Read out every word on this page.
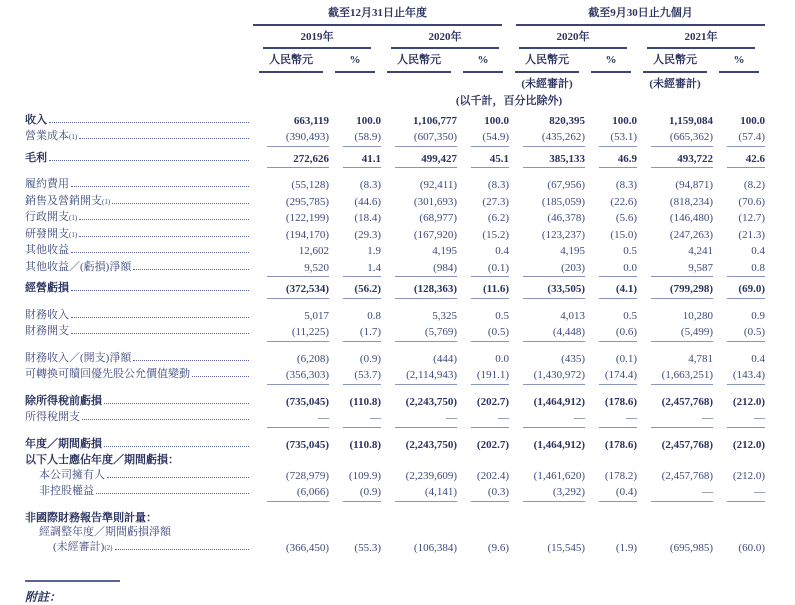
	截至12月31日止年度				截至9月30日止九個月			

	2019年		2020年		2020年		2021年	

	人民幣元	%	人民幣元	%	人民幣元	%	人民幣元	%

					(未經審計)		(未經審計)	

	(以千計，百分比除外)							

收入	663,119	100.0	1,106,777	100.0	820,395	100.0	1,159,084	100.0

營業成本 (1)	(390,493)	(58.9)	(607,350)	(54.9)	(435,262)	(53.1)	(665,362)	(57.4)

毛利	272,626	41.1	499,427	45.1	385,133	46.9	493,722	42.6

履約費用	(55,128)	(8.3)	(92,411)	(8.3)	(67,956)	(8.3)	(94,871)	(8.2)

銷售及營銷開支 (1)	(295,785)	(44.6)	(301,693)	(27.3)	(185,059)	(22.6)	(818,234)	(70.6)

行政開支 (1)	(122,199)	(18.4)	(68,977)	(6.2)	(46,378)	(5.6)	(146,480)	(12.7)

研發開支 (1)	(194,170)	(29.3)	(167,920)	(15.2)	(123,237)	(15.0)	(247,263)	(21.3)

其他收益	12,602	1.9	4,195	0.4	4,195	0.5	4,241	0.4

其他收益／(虧損)淨額	9,520	1.4	(984)	(0.1)	(203)	0.0	9,587	0.8

經營虧損	(372,534)	(56.2)	(128,363)	(11.6)	(33,505)	(4.1)	(799,298)	(69.0)

財務收入	5,017	0.8	5,325	0.5	4,013	0.5	10,280	0.9

財務開支	(11,225)	(1.7)	(5,769)	(0.5)	(4,448)	(0.6)	(5,499)	(0.5)

財務收入／(開支)淨額	(6,208)	(0.9)	(444)	0.0	(435)	(0.1)	4,781	0.4

可轉換可贖回優先股公允價值變動	(356,303)	(53.7)	(2,114,943)	(191.1)	(1,430,972)	(174.4)	(1,663,251)	(143.4)

除所得稅前虧損	(735,045)	(110.8)	(2,243,750)	(202.7)	(1,464,912)	(178.6)	(2,457,768)	(212.0)

所得稅開支	—	—	—	—	—	—	—	—

年度／期間虧損	(735,045)	(110.8)	(2,243,750)	(202.7)	(1,464,912)	(178.6)	(2,457,768)	(212.0)

以下人士應佔年度／期間虧損：								

本公司擁有人	(728,979)	(109.9)	(2,239,609)	(202.4)	(1,461,620)	(178.2)	(2,457,768)	(212.0)

非控股權益	(6,066)	(0.9)	(4,141)	(0.3)	(3,292)	(0.4)	—	—

非國際財務報告準則計量：								

經調整年度／期間虧損淨額								

(未經審計) (2)	(366,450)	(55.3)	(106,384)	(9.6)	(15,545)	(1.9)	(695,985)	(60.0)
附註：
